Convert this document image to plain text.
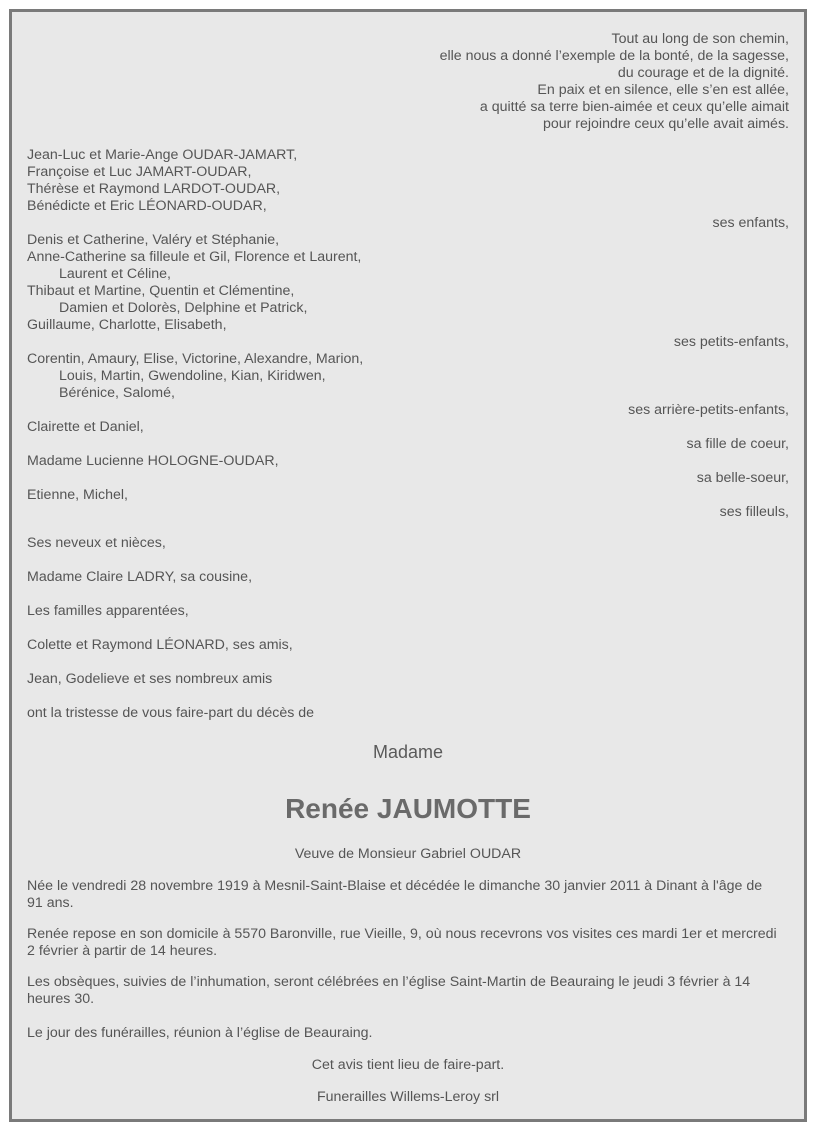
Tout au long de son chemin,
elle nous a donné l’exemple de la bonté, de la sagesse,
du courage et de la dignité.
En paix et en silence, elle s’en est allée,
a quitté sa terre bien-aimée et ceux qu’elle aimait
pour rejoindre ceux qu’elle avait aimés.
Jean-Luc et Marie-Ange OUDAR-JAMART,
Françoise et Luc JAMART-OUDAR,
Thérèse et Raymond LARDOT-OUDAR,
Bénédicte et Eric LÉONARD-OUDAR,
ses enfants,
Denis et Catherine, Valéry et Stéphanie,
Anne-Catherine sa filleule et Gil, Florence et Laurent,
Laurent et Céline,
Thibaut et Martine, Quentin et Clémentine,
Damien et Dolorès, Delphine et Patrick,
Guillaume, Charlotte, Elisabeth,
ses petits-enfants,
Corentin, Amaury, Elise, Victorine, Alexandre, Marion,
Louis, Martin, Gwendoline, Kian, Kiridwen,
Bérénice, Salomé,
ses arrière-petits-enfants,
Clairette et Daniel,
sa fille de coeur,
Madame Lucienne HOLOGNE-OUDAR,
sa belle-soeur,
Etienne, Michel,
ses filleuls,
Ses neveux et nièces,
Madame Claire LADRY, sa cousine,
Les familles apparentées,
Colette et Raymond LÉONARD, ses amis,
Jean, Godelieve et ses nombreux amis
ont la tristesse de vous faire-part du décès de
Madame
Renée JAUMOTTE
Veuve de Monsieur Gabriel OUDAR
Née le vendredi 28 novembre 1919 à Mesnil-Saint-Blaise et décédée le dimanche 30 janvier 2011 à Dinant à l'âge de 91 ans.
Renée repose en son domicile à 5570 Baronville, rue Vieille, 9, où nous recevrons vos visites ces mardi 1er et mercredi 2 février à partir de 14 heures.
Les obsèques, suivies de l’inhumation, seront célébrées en l’église Saint-Martin de Beauraing le jeudi 3 février à 14 heures 30.
Le jour des funérailles, réunion à l’église de Beauraing.
Cet avis tient lieu de faire-part.
Funerailles Willems-Leroy srl
